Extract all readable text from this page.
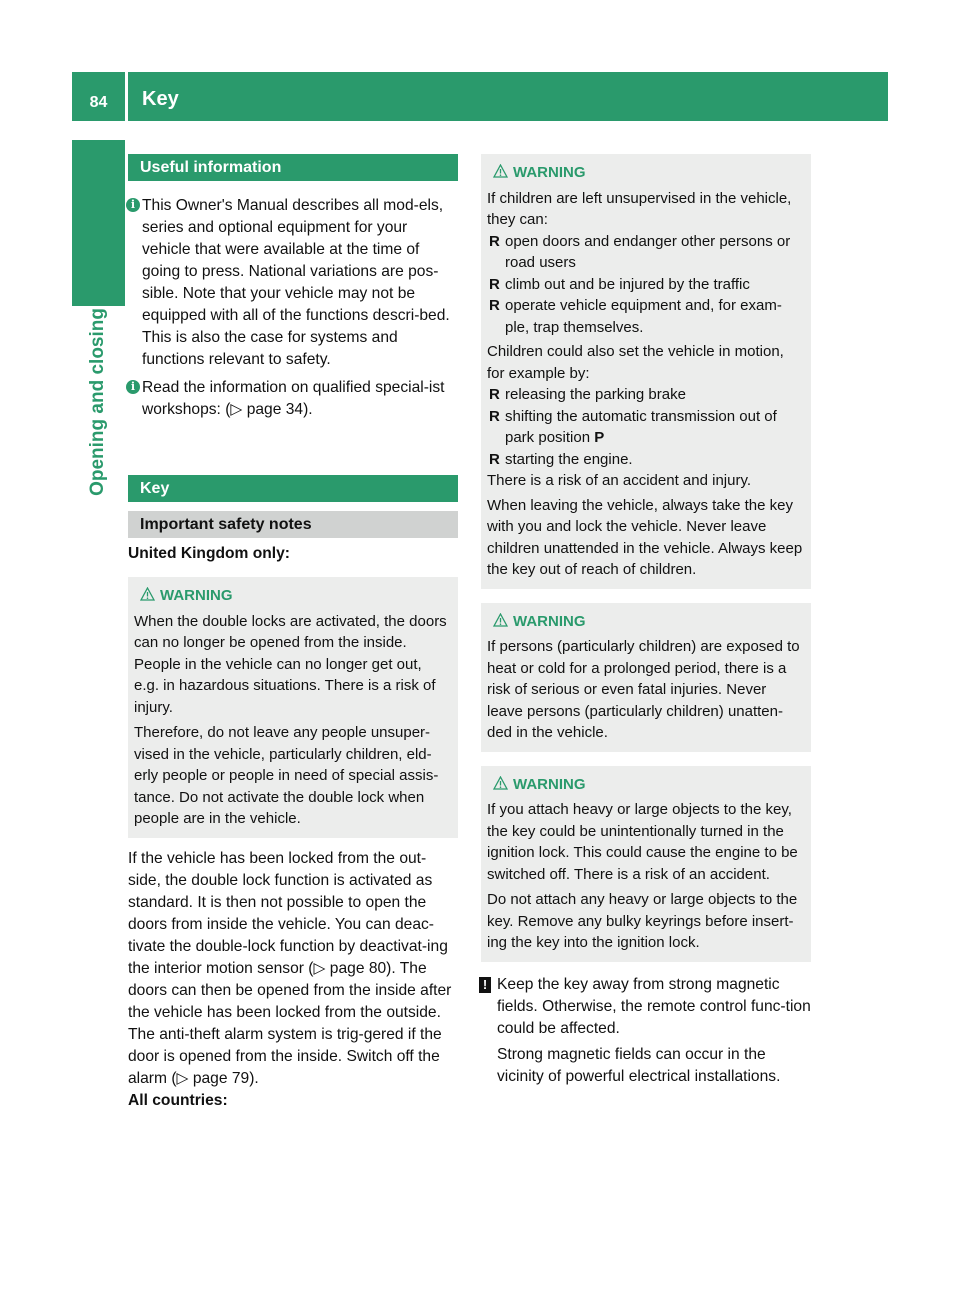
84	Key
Opening and closing
Useful information
i This Owner's Manual describes all mod-els, series and optional equipment for your vehicle that were available at the time of going to press. National variations are pos-sible. Note that your vehicle may not be equipped with all of the functions descri-bed. This is also the case for systems and functions relevant to safety.

i Read the information on qualified special-ist workshops: (▷ page 34).

Key
Important safety notes

United Kingdom only:

WARNING

When the double locks are activated, the doors can no longer be opened from the inside. People in the vehicle can no longer get out, e.g. in hazardous situations. There is a risk of injury.

Therefore, do not leave any people unsuper-vised in the vehicle, particularly children, eld-erly people or people in need of special assis-tance. Do not activate the double lock when people are in the vehicle.

If the vehicle has been locked from the out-side, the double lock function is activated as standard. It is then not possible to open the doors from inside the vehicle. You can deac-tivate the double-lock function by deactivat-ing the interior motion sensor (▷ page 80). The doors can then be opened from the inside after the vehicle has been locked from the outside. The anti-theft alarm system is trig-gered if the door is opened from the inside. Switch off the alarm (▷ page 79).

All countries:

WARNING

If children are left unsupervised in the vehicle, they can:

R open doors and endanger other persons or road users
R climb out and be injured by the traffic
R operate vehicle equipment and, for exam-ple, trap themselves.

Children could also set the vehicle in motion, for example by:

R releasing the parking brake
R shifting the automatic transmission out of park position P
R starting the engine.

There is a risk of an accident and injury.

When leaving the vehicle, always take the key with you and lock the vehicle. Never leave children unattended in the vehicle. Always keep the key out of reach of children.

WARNING

If persons (particularly children) are exposed to heat or cold for a prolonged period, there is a risk of serious or even fatal injuries. Never leave persons (particularly children) unatten-ded in the vehicle.

WARNING

If you attach heavy or large objects to the key, the key could be unintentionally turned in the ignition lock. This could cause the engine to be switched off. There is a risk of an accident.

Do not attach any heavy or large objects to the key. Remove any bulky keyrings before insert-ing the key into the ignition lock.

! Keep the key away from strong magnetic fields. Otherwise, the remote control func-tion could be affected.

Strong magnetic fields can occur in the vicinity of powerful electrical installations.
